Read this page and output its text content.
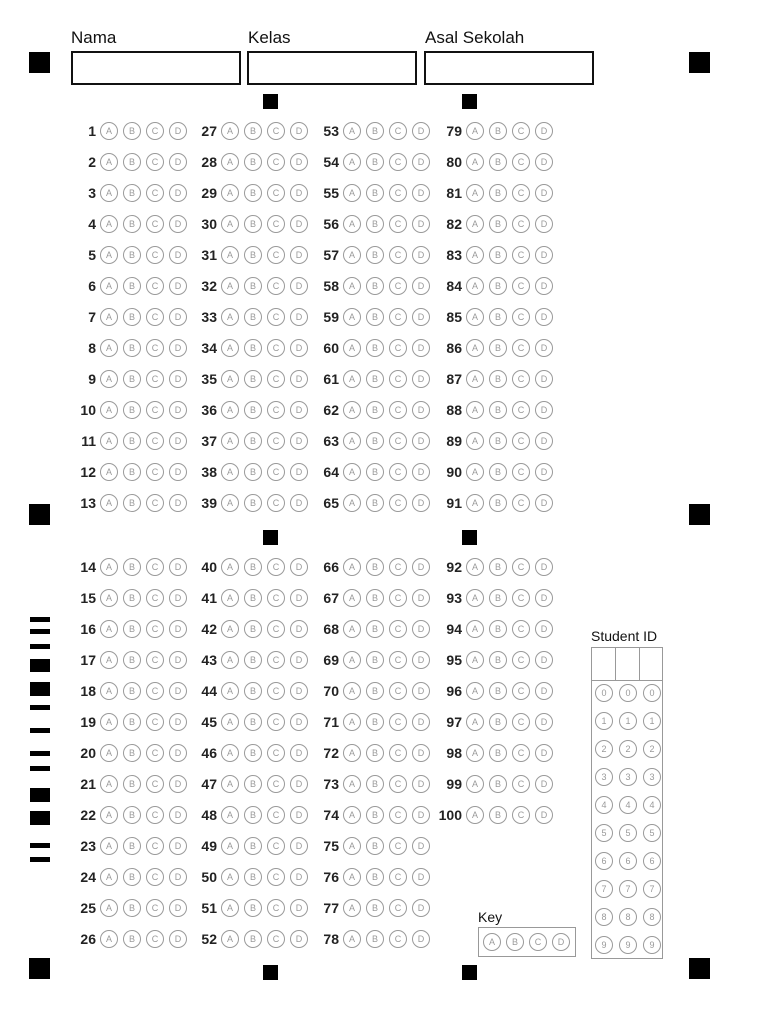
Nama	Kelas	Asal Sekolah
1	A	B	C	D
2	A	B	C	D
3	A	B	C	D
4	A	B	C	D
5	A	B	C	D
6	A	B	C	D
7	A	B	C	D
8	A	B	C	D
9	A	B	C	D
10	A	B	C	D
11	A	B	C	D
12	A	B	C	D
13	A	B	C	D
14	A	B	C	D
15	A	B	C	D
16	A	B	C	D
17	A	B	C	D
18	A	B	C	D
19	A	B	C	D
20	A	B	C	D
21	A	B	C	D
22	A	B	C	D
23	A	B	C	D
24	A	B	C	D
25	A	B	C	D
26	A	B	C	D
27	A	B	C	D
28	A	B	C	D
29	A	B	C	D
30	A	B	C	D
31	A	B	C	D
32	A	B	C	D
33	A	B	C	D
34	A	B	C	D
35	A	B	C	D
36	A	B	C	D
37	A	B	C	D
38	A	B	C	D
39	A	B	C	D
40	A	B	C	D
41	A	B	C	D
42	A	B	C	D
43	A	B	C	D
44	A	B	C	D
45	A	B	C	D
46	A	B	C	D
47	A	B	C	D
48	A	B	C	D
49	A	B	C	D
50	A	B	C	D
51	A	B	C	D
52	A	B	C	D
53	A	B	C	D
54	A	B	C	D
55	A	B	C	D
56	A	B	C	D
57	A	B	C	D
58	A	B	C	D
59	A	B	C	D
60	A	B	C	D
61	A	B	C	D
62	A	B	C	D
63	A	B	C	D
64	A	B	C	D
65	A	B	C	D
66	A	B	C	D
67	A	B	C	D
68	A	B	C	D
69	A	B	C	D
70	A	B	C	D
71	A	B	C	D
72	A	B	C	D
73	A	B	C	D
74	A	B	C	D
75	A	B	C	D
76	A	B	C	D
77	A	B	C	D
78	A	B	C	D
79	A	B	C	D
80	A	B	C	D
81	A	B	C	D
82	A	B	C	D
83	A	B	C	D
84	A	B	C	D
85	A	B	C	D
86	A	B	C	D
87	A	B	C	D
88	A	B	C	D
89	A	B	C	D
90	A	B	C	D
91	A	B	C	D
92	A	B	C	D
93	A	B	C	D
94	A	B	C	D
95	A	B	C	D
96	A	B	C	D
97	A	B	C	D
98	A	B	C	D
99	A	B	C	D
100	A	B	C	D
Student ID
0	0	0
1	1	1
2	2	2
3	3	3
4	4	4
5	5	5
6	6	6
7	7	7
8	8	8
9	9	9
Key
A	B	C	D
